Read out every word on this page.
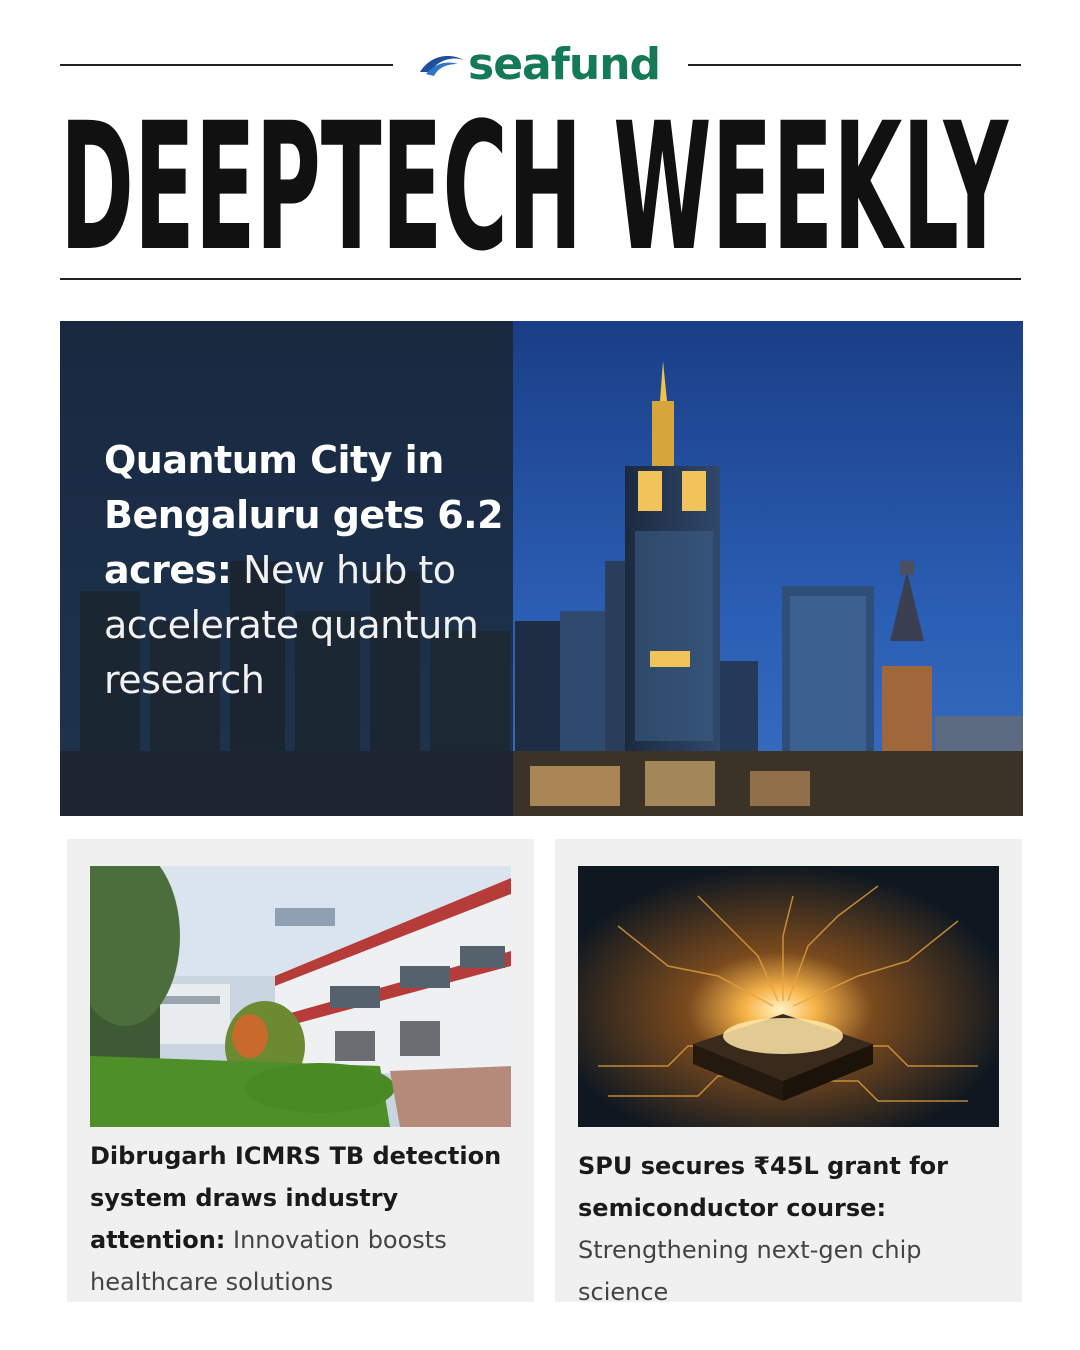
seafund
DEEPTECH WEEKLY
Quantum City in Bengaluru gets 6.2 acres: New hub to accelerate quantum research
Dibrugarh ICMRS TB detection system draws industry attention: Innovation boosts healthcare solutions
SPU secures ₹45L grant for semiconductor course: Strengthening next-gen chip science
